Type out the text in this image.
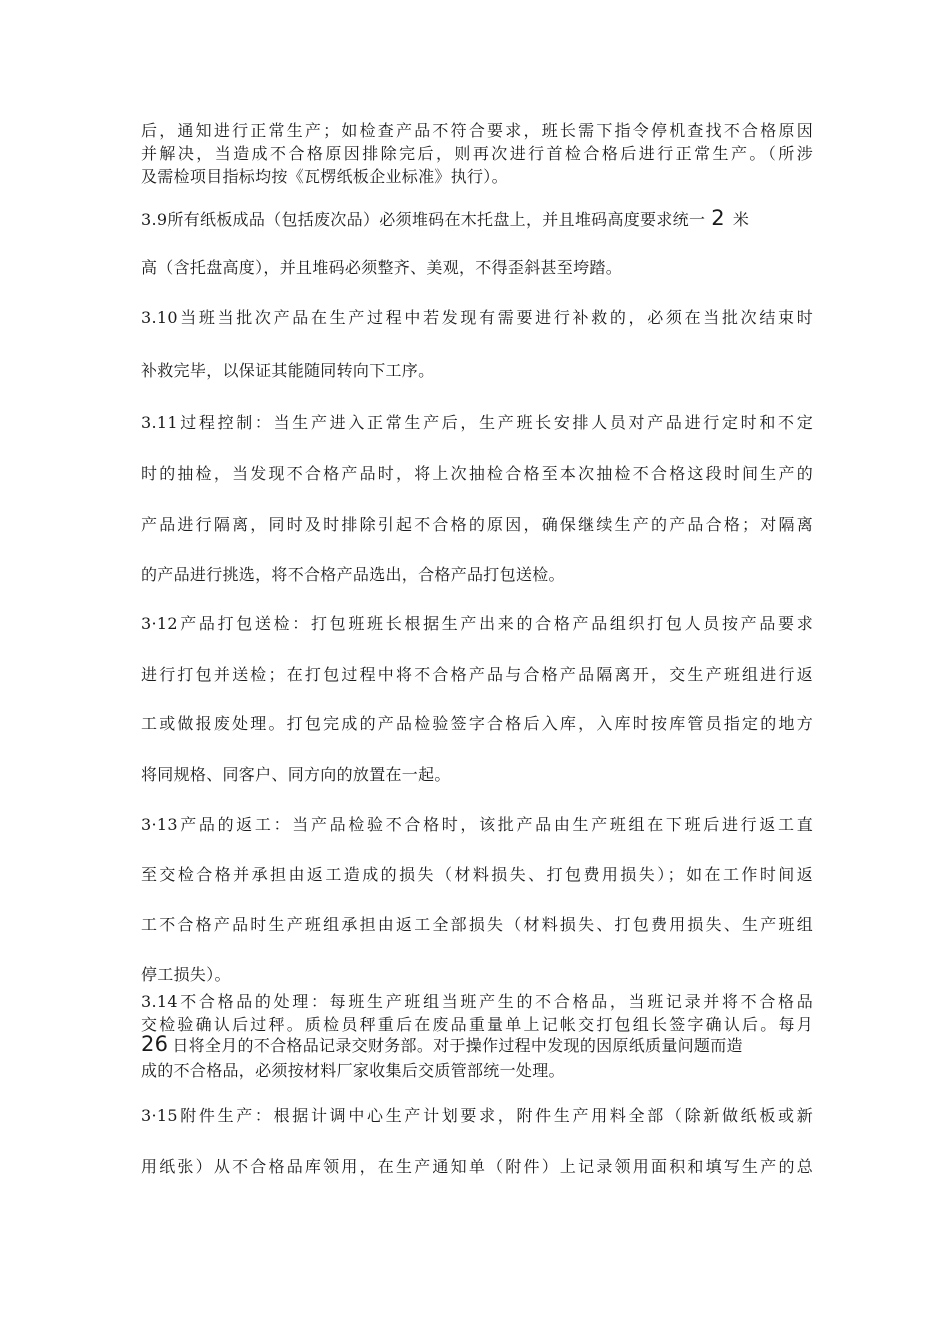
后，通知进行正常生产；如检查产品不符合要求，班长需下指令停机查找不合格原因
并解决，当造成不合格原因排除完后，则再次进行首检合格后进行正常生产。（所涉
及需检项目指标均按《瓦楞纸板企业标准》执行）。
3.9所有纸板成品（包括废次品）必须堆码在木托盘上，并且堆码高度要求统一 2 米
高（含托盘高度），并且堆码必须整齐、美观，不得歪斜甚至垮踏。
3.10当班当批次产品在生产过程中若发现有需要进行补救的，必须在当批次结束时
补救完毕，以保证其能随同转向下工序。
3.11过程控制：当生产进入正常生产后，生产班长安排人员对产品进行定时和不定
时的抽检，当发现不合格产品时，将上次抽检合格至本次抽检不合格这段时间生产的
产品进行隔离，同时及时排除引起不合格的原因，确保继续生产的产品合格；对隔离
的产品进行挑选，将不合格产品选出，合格产品打包送检。
3·12产品打包送检：打包班班长根据生产出来的合格产品组织打包人员按产品要求
进行打包并送检；在打包过程中将不合格产品与合格产品隔离开，交生产班组进行返
工或做报废处理。打包完成的产品检验签字合格后入库，入库时按库管员指定的地方
将同规格、同客户、同方向的放置在一起。
3·13产品的返工：当产品检验不合格时，该批产品由生产班组在下班后进行返工直
至交检合格并承担由返工造成的损失（材料损失、打包费用损失）；如在工作时间返
工不合格产品时生产班组承担由返工全部损失（材料损失、打包费用损失、生产班组
停工损失）。
3.14不合格品的处理：每班生产班组当班产生的不合格品，当班记录并将不合格品
交检验确认后过秤。质检员秤重后在废品重量单上记帐交打包组长签字确认后。每月
26 日将全月的不合格品记录交财务部。对于操作过程中发现的因原纸质量问题而造
成的不合格品，必须按材料厂家收集后交质管部统一处理。
3·15附件生产：根据计调中心生产计划要求，附件生产用料全部（除新做纸板或新
用纸张）从不合格品库领用，在生产通知单（附件）上记录领用面积和填写生产的总
